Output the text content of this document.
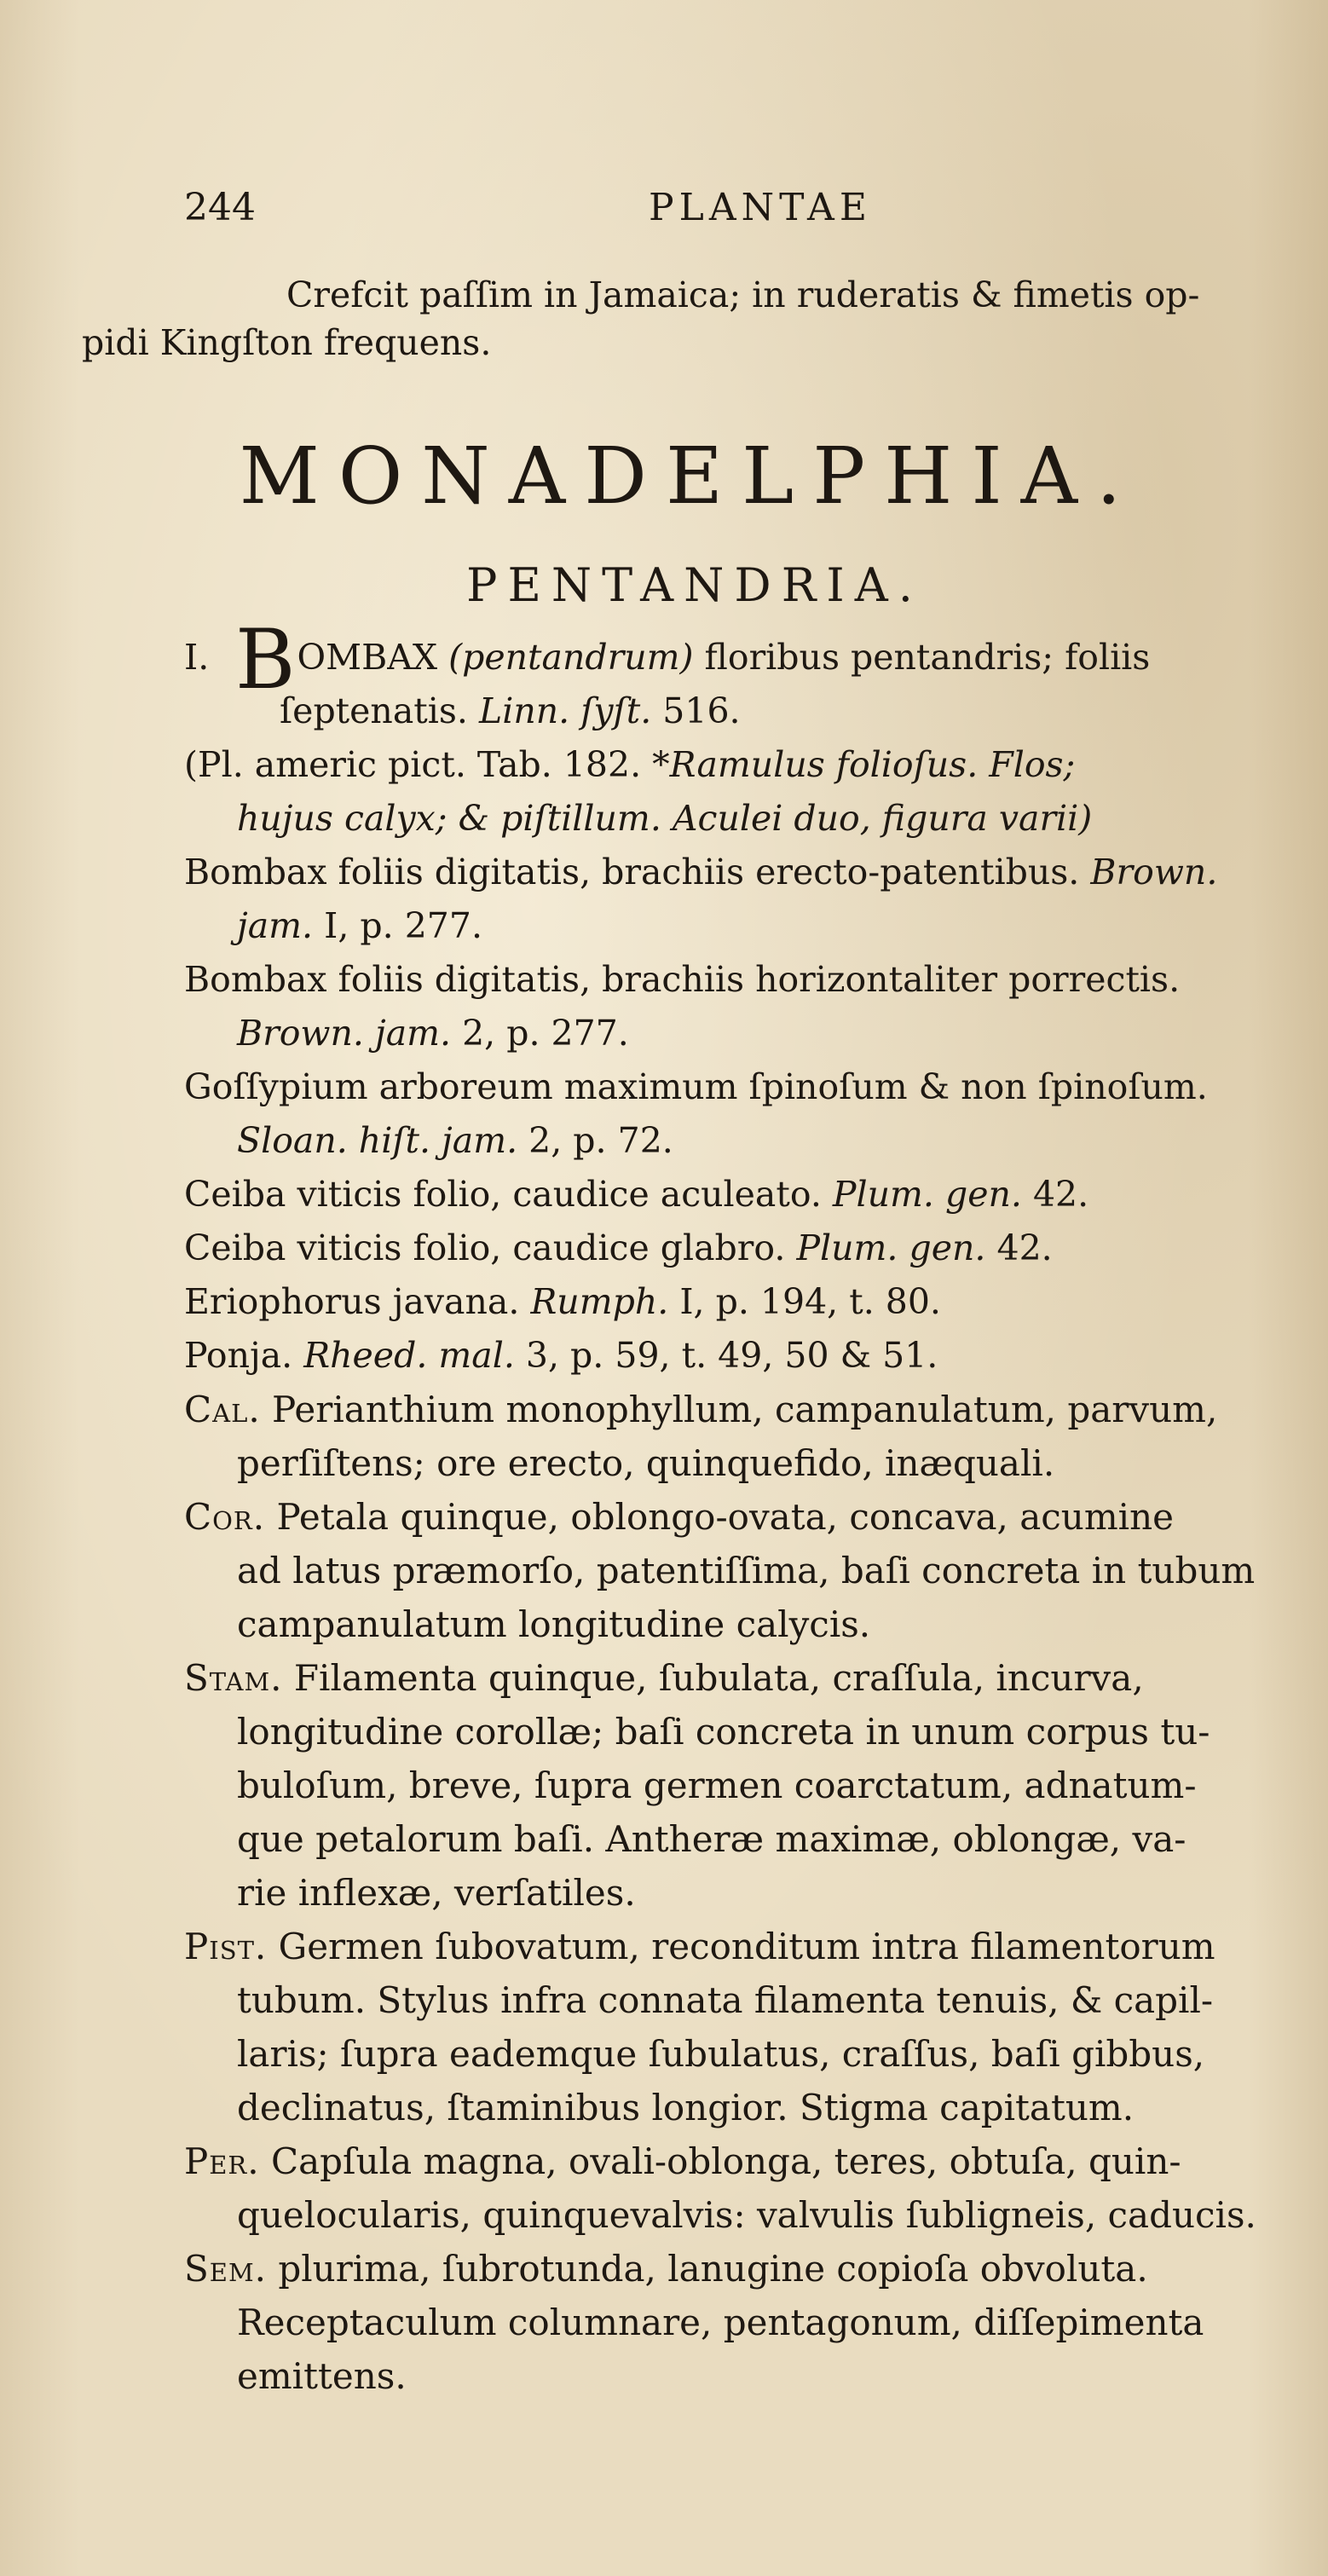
244	PLANTAE

Crefcit paſſim in Jamaica; in ruderatis & fimetis op-
pidi Kingſton frequens.

MONADELPHIA.
PENTANDRIA.
I. BOMBAX (pentandrum) floribus pentandris; foliis
ſeptenatis. Linn. ſyſt. 516.
(Pl. americ pict. Tab. 182. *Ramulus folioſus. Flos;
hujus calyx; & piſtillum. Aculei duo, figura varii)
Bombax foliis digitatis, brachiis erecto-patentibus. Brown.
jam. I, p. 277.
Bombax foliis digitatis, brachiis horizontaliter porrectis.
Brown. jam. 2, p. 277.
Goſſypium arboreum maximum ſpinoſum & non ſpinoſum.
Sloan. hiſt. jam. 2, p. 72.
Ceiba viticis folio, caudice aculeato. Plum. gen. 42.
Ceiba viticis folio, caudice glabro. Plum. gen. 42.
Eriophorus javana. Rumph. I, p. 194, t. 80.
Ponja. Rheed. mal. 3, p. 59, t. 49, 50 & 51.
Cal. Perianthium monophyllum, campanulatum, parvum,
perſiſtens; ore erecto, quinquefido, inæquali.
Cor. Petala quinque, oblongo-ovata, concava, acumine
ad latus præmorſo, patentiſſima, baſi concreta in tubum
campanulatum longitudine calycis.
Stam. Filamenta quinque, ſubulata, craſſula, incurva,
longitudine corollæ; baſi concreta in unum corpus tu-
buloſum, breve, ſupra germen coarctatum, adnatum-
que petalorum baſi. Antheræ maximæ, oblongæ, va-
rie inflexæ, verſatiles.
Pist. Germen ſubovatum, reconditum intra filamentorum
tubum. Stylus infra connata filamenta tenuis, & capil-
laris; ſupra eademque ſubulatus, craſſus, baſi gibbus,
declinatus, ſtaminibus longior. Stigma capitatum.
Per. Capſula magna, ovali-oblonga, teres, obtuſa, quin-
quelocularis, quinquevalvis: valvulis ſubligneis, caducis.
Sem. plurima, ſubrotunda, lanugine copioſa obvoluta.
Receptaculum columnare, pentagonum, diſſepimenta
emittens.
